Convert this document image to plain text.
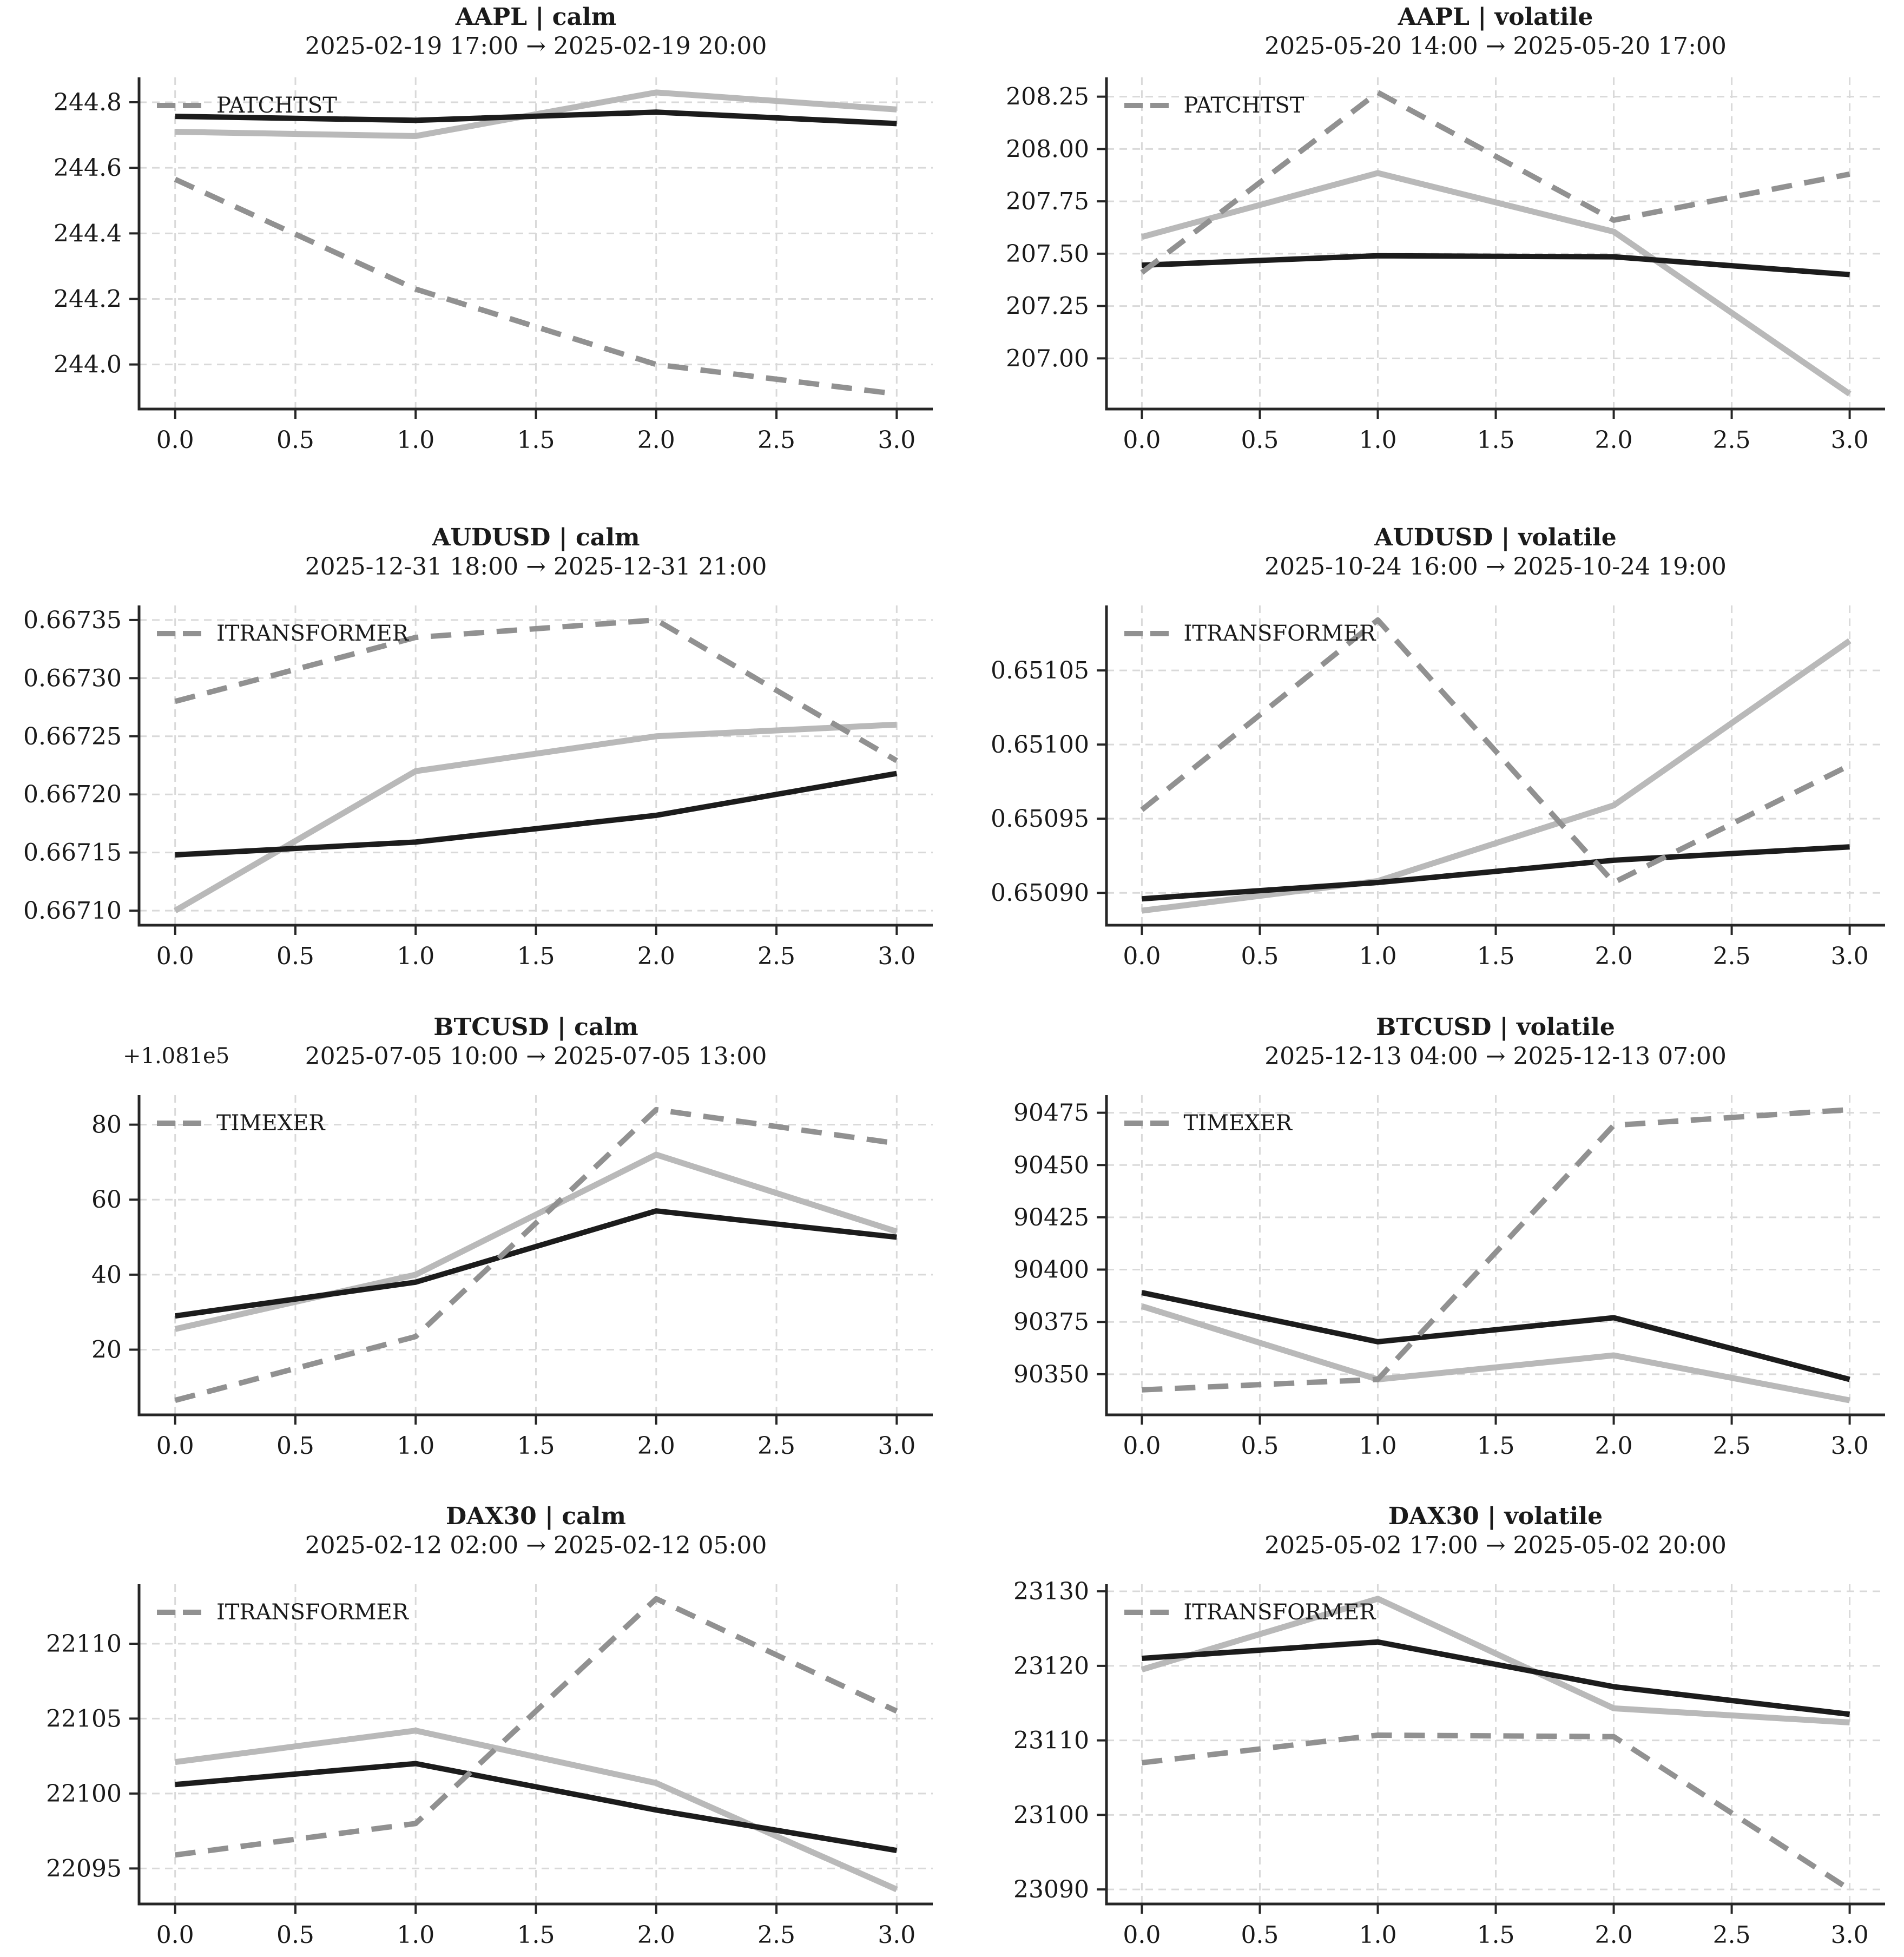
0.0	0.5	1.0	1.5	2.0	2.5	3.0
244.0
244.2
244.4
244.6
244.8
AAPL | calm
2025-02-19 17:00 → 2025-02-19 20:00
PATCHTST
0.0	0.5	1.0	1.5	2.0	2.5	3.0
207.00
207.25
207.50
207.75
208.00
208.25
AAPL | volatile
2025-05-20 14:00 → 2025-05-20 17:00
PATCHTST
0.0	0.5	1.0	1.5	2.0	2.5	3.0
0.66710
0.66715
0.66720
0.66725
0.66730
0.66735
AUDUSD | calm
2025-12-31 18:00 → 2025-12-31 21:00
ITRANSFORMER
0.0	0.5	1.0	1.5	2.0	2.5	3.0
0.65090
0.65095
0.65100
0.65105
AUDUSD | volatile
2025-10-24 16:00 → 2025-10-24 19:00
ITRANSFORMER
0.0	0.5	1.0	1.5	2.0	2.5	3.0
20
40
60
80
BTCUSD | calm
2025-07-05 10:00 → 2025-07-05 13:00
+1.081e5
TIMEXER
0.0	0.5	1.0	1.5	2.0	2.5	3.0
90350
90375
90400
90425
90450
90475
BTCUSD | volatile
2025-12-13 04:00 → 2025-12-13 07:00
TIMEXER
0.0	0.5	1.0	1.5	2.0	2.5	3.0
22095
22100
22105
22110
DAX30 | calm
2025-02-12 02:00 → 2025-02-12 05:00
ITRANSFORMER
0.0	0.5	1.0	1.5	2.0	2.5	3.0
23090
23100
23110
23120
23130
DAX30 | volatile
2025-05-02 17:00 → 2025-05-02 20:00
ITRANSFORMER
